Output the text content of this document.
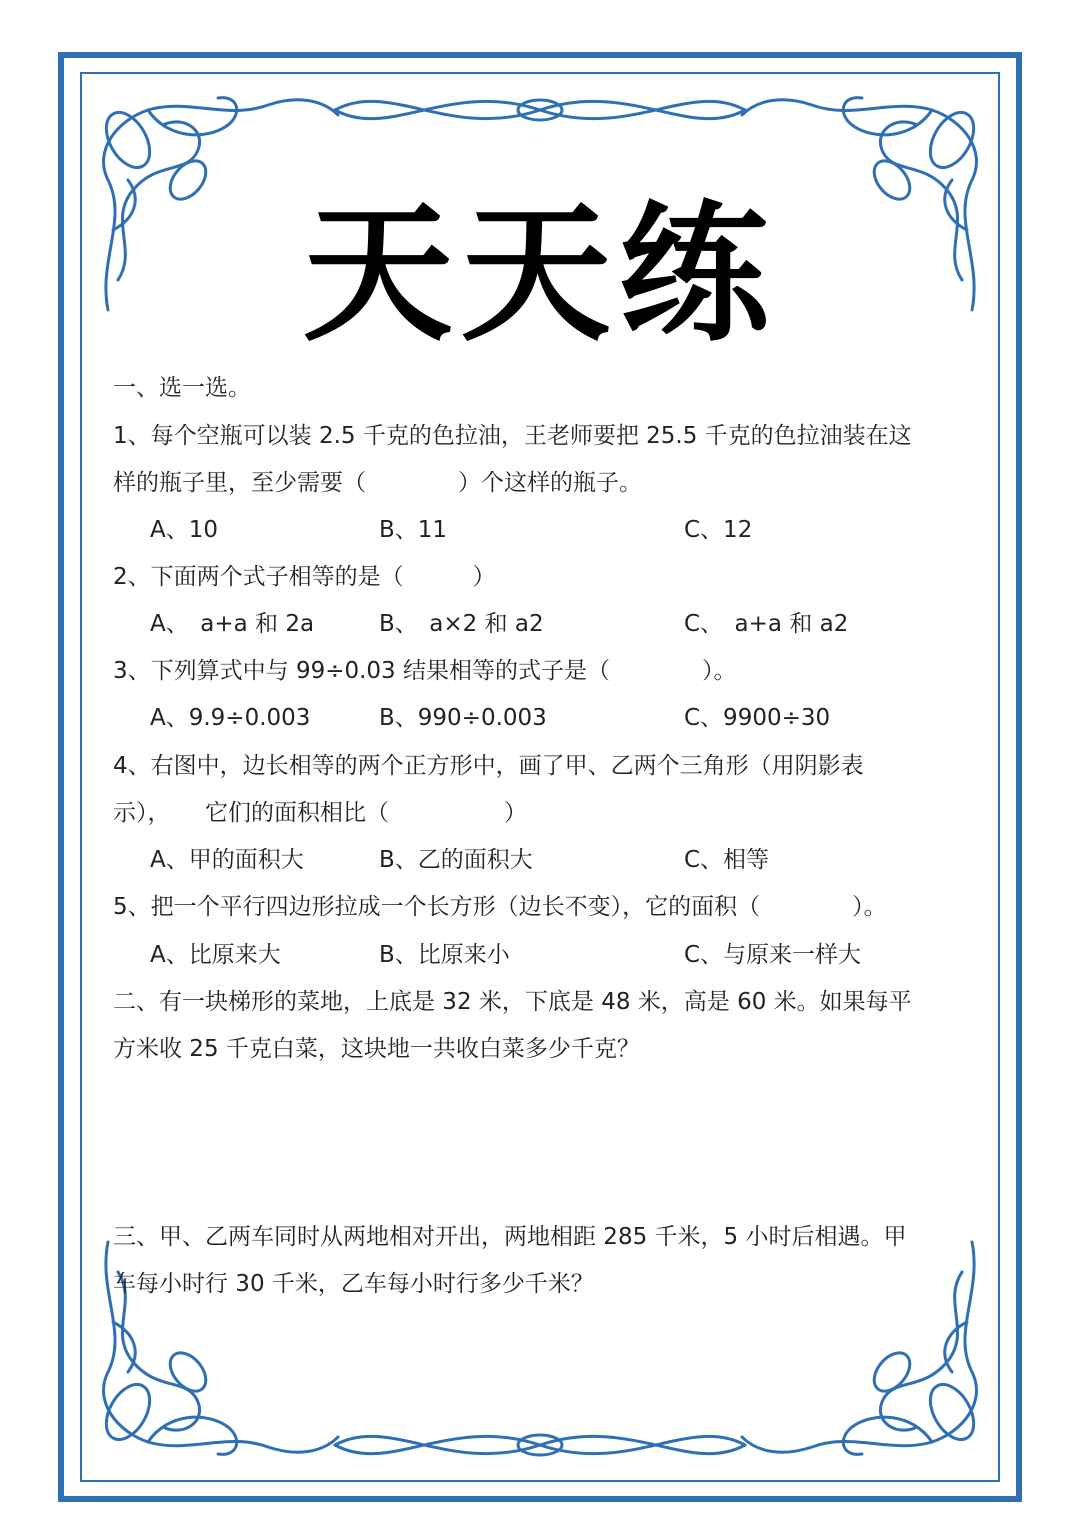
天天练
一、选一选。
1、每个空瓶可以装 2.5 千克的色拉油，王老师要把 25.5 千克的色拉油装在这
样的瓶子里，至少需要（　　　　）个这样的瓶子。
A、10	B、11	C、12
2、下面两个式子相等的是（　　　）
A、　a+a 和 2a	B、　a×2 和 a2	C、　a+a 和 a2
3、下列算式中与 99÷0.03 结果相等的式子是（　　　　）。
A、9.9÷0.003	B、990÷0.003	C、9900÷30
4、右图中，边长相等的两个正方形中，画了甲、乙两个三角形（用阴影表
示），　　它们的面积相比（　　　　　）
A、甲的面积大	B、乙的面积大	C、相等
5、把一个平行四边形拉成一个长方形（边长不变），它的面积（　　　　）。
A、比原来大	B、比原来小	C、与原来一样大
二、有一块梯形的菜地，上底是 32 米，下底是 48 米，高是 60 米。如果每平
方米收 25 千克白菜，这块地一共收白菜多少千克？
三、甲、乙两车同时从两地相对开出，两地相距 285 千米，5 小时后相遇。甲
车每小时行 30 千米，乙车每小时行多少千米？
